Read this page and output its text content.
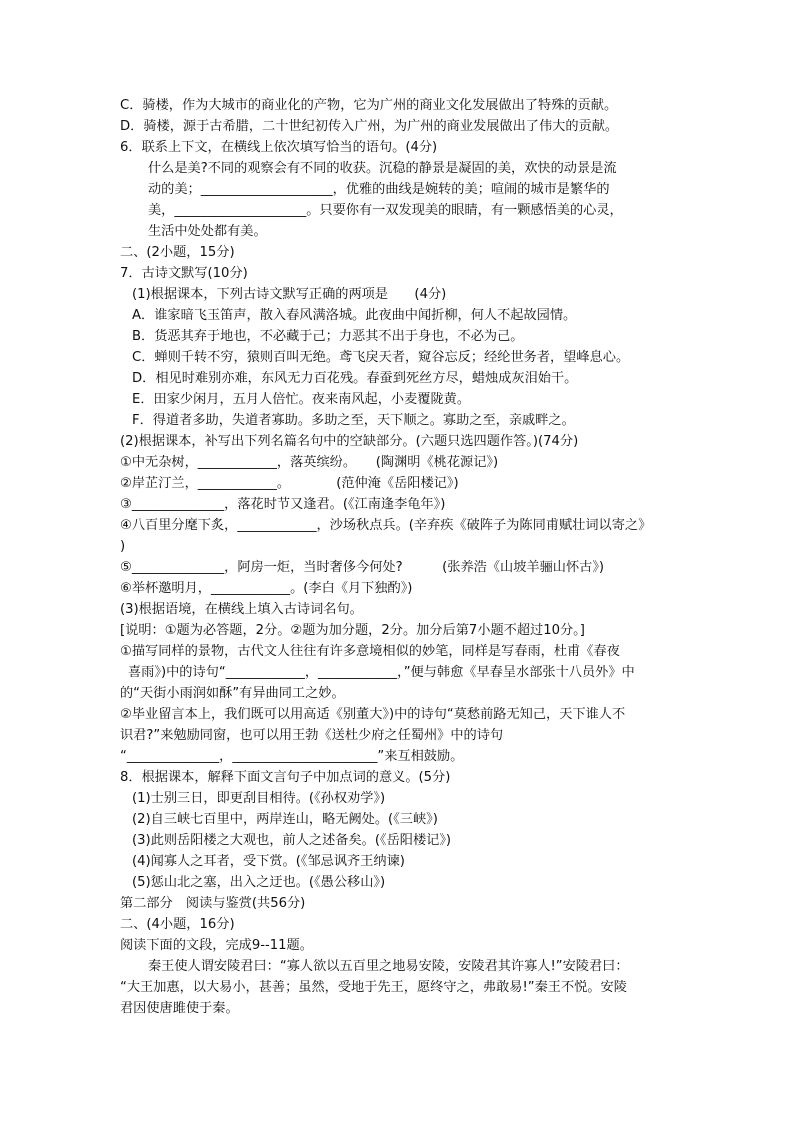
C．骑楼，作为大城市的商业化的产物，它为广州的商业文化发展做出了特殊的贡献。
D．骑楼，源于古希腊，二十世纪初传入广州，为广州的商业发展做出了伟大的贡献。
6．联系上下文，在横线上依次填写恰当的语句。(4分)
什么是美?不同的观察会有不同的收获。沉稳的静景是凝固的美，欢快的动景是流
动的美；____________________，优雅的曲线是婉转的美；喧闹的城市是繁华的
美，____________________。只要你有一双发现美的眼睛，有一颗感悟美的心灵，
生活中处处都有美。
二、(2小题，15分)
7．古诗文默写(10分)
(1)根据课本，下列古诗文默写正确的两项是　　(4分)
A．谁家暗飞玉笛声，散入春风满洛城。此夜曲中闻折柳，何人不起故园情。
B．货恶其弃于地也，不必藏于己；力恶其不出于身也，不必为己。
C．蝉则千转不穷，猿则百叫无绝。鸢飞戾天者，窥谷忘反；经纶世务者，望峰息心。
D．相见时难别亦难，东风无力百花残。春蚕到死丝方尽，蜡烛成灰泪始干。
E．田家少闲月，五月人倍忙。夜来南风起，小麦覆陇黄。
F．得道者多助，失道者寡助。多助之至，天下顺之。寡助之至，亲戚畔之。
(2)根据课本，补写出下列名篇名句中的空缺部分。(六题只选四题作答。)(74分)
①中无杂树，____________，落英缤纷。　　(陶渊明《桃花源记》)
②岸芷汀兰，____________。　　　　(范仲淹《岳阳楼记》)
③______________，落花时节又逢君。(《江南逢李龟年》)
④八百里分麾下炙，____________，沙场秋点兵。(辛弃疾《破阵子为陈同甫赋壮词以寄之》
)
⑤______________，阿房一炬，当时奢侈今何处?　　　(张养浩《山坡羊骊山怀古》)
⑥举杯邀明月，____________。(李白《月下独酌》)
(3)根据语境，在横线上填入古诗词名句。
[说明：①题为必答题，2分。②题为加分题，2分。加分后第7小题不超过10分。]
①描写同样的景物，古代文人往往有许多意境相似的妙笔，同样是写春雨，杜甫《春夜
喜雨》)中的诗句“____________，____________，”便与韩愈《早春呈水部张十八员外》中
的“天街小雨润如酥”有异曲同工之妙。
②毕业留言本上，我们既可以用高适《别董大》)中的诗句“莫愁前路无知己，天下谁人不
识君?”来勉励同窗，也可以用王勃《送杜少府之任蜀州》中的诗句
“______________，______________________”来互相鼓励。
8．根据课本，解释下面文言句子中加点词的意义。(5分)
(1)士别三日，即更刮目相待。(《孙权劝学》)
(2)自三峡七百里中，两岸连山，略无阙处。(《三峡》)
(3)此则岳阳楼之大观也，前人之述备矣。(《岳阳楼记》)
(4)闻寡人之耳者，受下赏。(《邹忌讽齐王纳谏)
(5)惩山北之塞，出入之迂也。(《愚公移山》)
第二部分　阅读与鉴赏(共56分)
二、(4小题，16分)
阅读下面的文段，完成9--11题。
秦王使人谓安陵君曰：“寡人欲以五百里之地易安陵，安陵君其许寡人!”安陵君曰：
“大王加惠，以大易小，甚善；虽然，受地于先王，愿终守之，弗敢易!”秦王不悦。安陵
君因使唐雎使于秦。
